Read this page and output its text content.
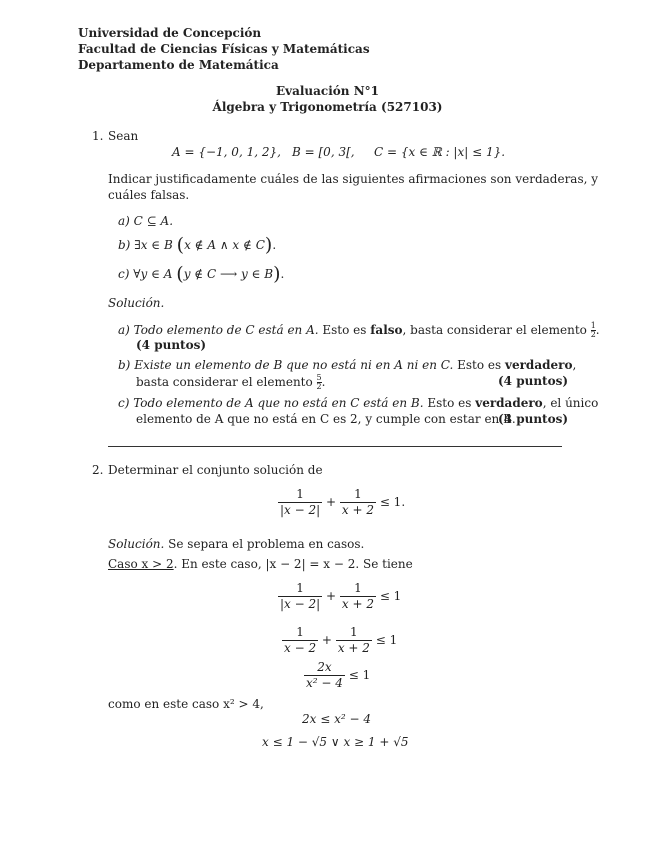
Universidad de Concepción
Facultad de Ciencias Físicas y Matemáticas
Departamento de Matemática
Evaluación N°1
Álgebra y Trigonometría (527103)
1. Sean
A = {−1, 0, 1, 2}, B = [0, 3[, C = {x ∈ ℝ : |x| ≤ 1}.
Indicar justificadamente cuáles de las siguientes afirmaciones son verdaderas, y
cuáles falsas.
a) C ⊆ A.
b) ∃x ∈ B (x ∉ A ∧ x ∉ C).
c) ∀y ∈ A (y ∉ C ⟶ y ∈ B).
Solución.
a) Todo elemento de C está en A. Esto es falso, basta considerar el elemento $\frac{1}{2}$ .
(4 puntos)
b) Existe un elemento de B que no está ni en A ni en C. Esto es verdadero,
basta considerar el elemento $\frac{5}{2}$ .	(4 puntos)
c) Todo elemento de A que no está en C está en B. Esto es verdadero, el único
elemento de A que no está en C es 2, y cumple con estar en B.
(4 puntos)
2. Determinar el conjunto solución de
$\frac{1}{|x - 2|} + \frac{1}{x + 2} \le 1$.
Solución. Se separa el problema en casos.
Caso x > 2. En este caso, |x − 2| = x − 2. Se tiene
$\frac{1}{|x - 2|} + \frac{1}{x + 2} \le 1$
$\frac{1}{x - 2} + \frac{1}{x + 2} \le 1$
$\frac{2x}{\text{x² − 4}} \le 1$
como en este caso x² > 4,
2x ≤ x² − 4
x ≤ 1 − √5 ∨ x ≥ 1 + √5
